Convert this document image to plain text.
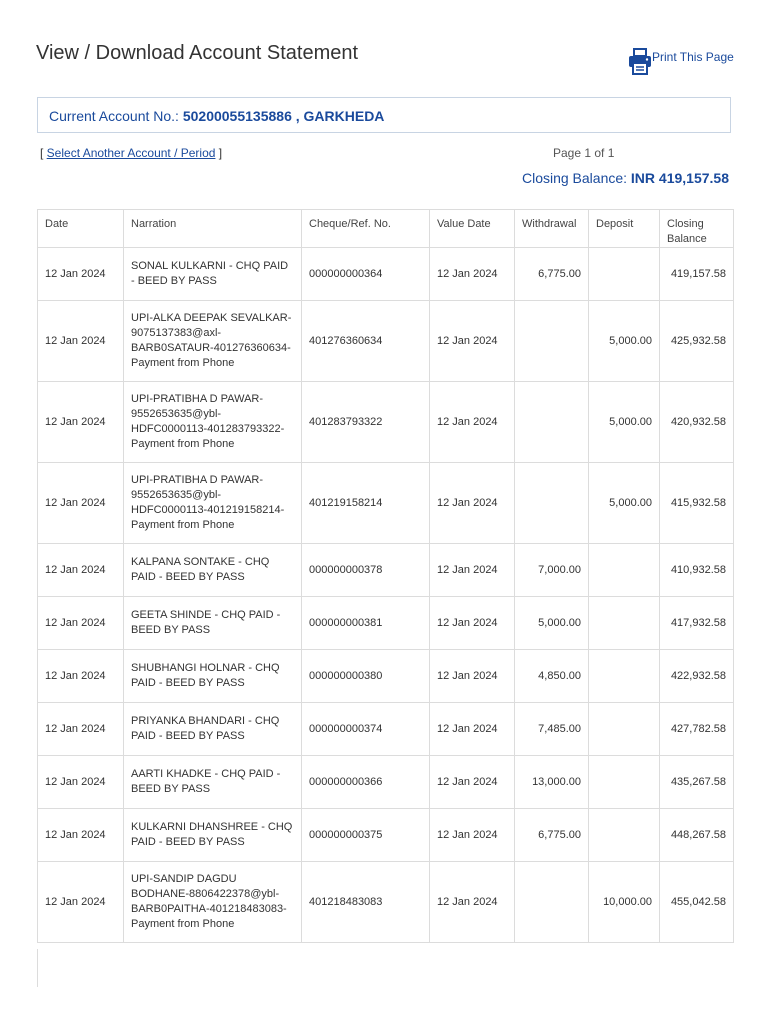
View / Download Account Statement	Print This Page
Current Account No.: 50200055135886 , GARKHEDA
[ Select Another Account / Period ]	Page 1 of 1
Closing Balance: INR 419,157.58
Date	Narration	Cheque/Ref. No.	Value Date	Withdrawal	Deposit	Closing Balance
12 Jan 2024	SONAL KULKARNI - CHQ PAID - BEED BY PASS	000000000364	12 Jan 2024	6,775.00		419,157.58
12 Jan 2024	UPI-ALKA DEEPAK SEVALKAR-9075137383@axl-BARB0SATAUR-401276360634-Payment from Phone	401276360634	12 Jan 2024		5,000.00	425,932.58
12 Jan 2024	UPI-PRATIBHA D PAWAR-9552653635@ybl-HDFC0000113-401283793322-Payment from Phone	401283793322	12 Jan 2024		5,000.00	420,932.58
12 Jan 2024	UPI-PRATIBHA D PAWAR-9552653635@ybl-HDFC0000113-401219158214-Payment from Phone	401219158214	12 Jan 2024		5,000.00	415,932.58
12 Jan 2024	KALPANA SONTAKE - CHQ PAID - BEED BY PASS	000000000378	12 Jan 2024	7,000.00		410,932.58
12 Jan 2024	GEETA SHINDE - CHQ PAID - BEED BY PASS	000000000381	12 Jan 2024	5,000.00		417,932.58
12 Jan 2024	SHUBHANGI HOLNAR - CHQ PAID - BEED BY PASS	000000000380	12 Jan 2024	4,850.00		422,932.58
12 Jan 2024	PRIYANKA BHANDARI - CHQ PAID - BEED BY PASS	000000000374	12 Jan 2024	7,485.00		427,782.58
12 Jan 2024	AARTI KHADKE - CHQ PAID - BEED BY PASS	000000000366	12 Jan 2024	13,000.00		435,267.58
12 Jan 2024	KULKARNI DHANSHREE - CHQ PAID - BEED BY PASS	000000000375	12 Jan 2024	6,775.00		448,267.58
12 Jan 2024	UPI-SANDIP DAGDU BODHANE-8806422378@ybl-BARB0PAITHA-401218483083-Payment from Phone	401218483083	12 Jan 2024		10,000.00	455,042.58
